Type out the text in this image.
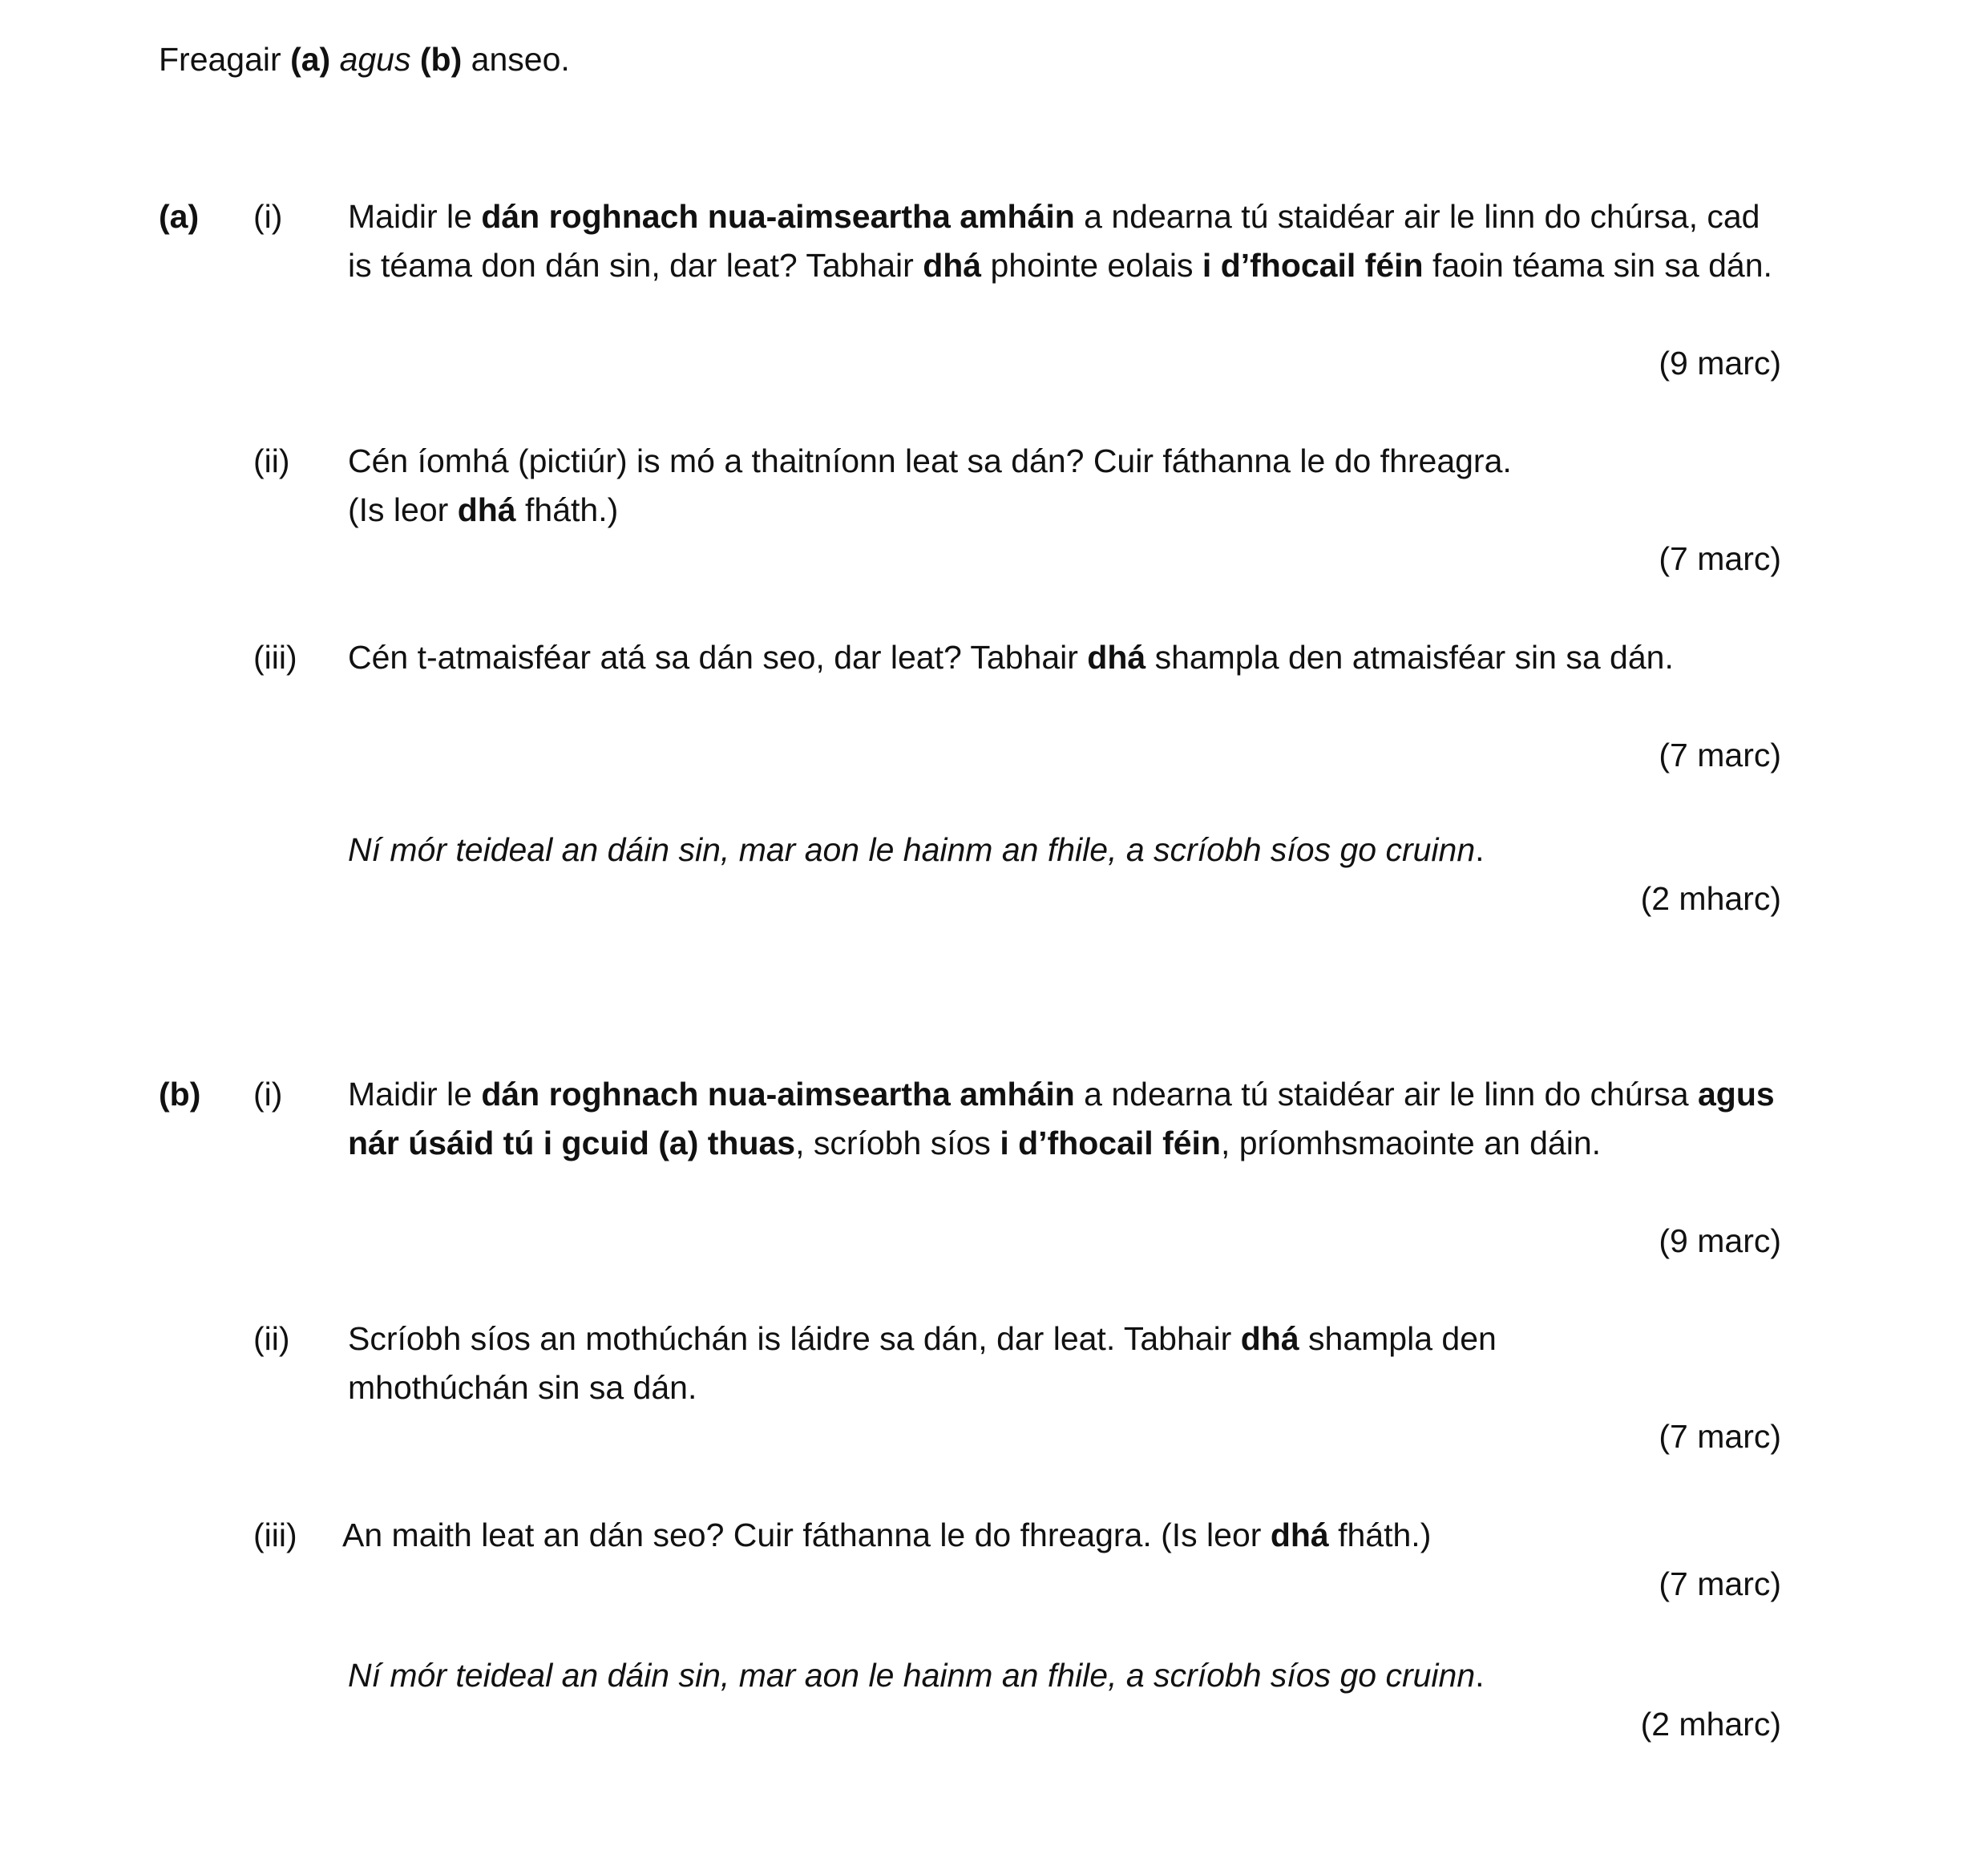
Freagair (a) agus (b) anseo.
(a) (i) Maidir le dán roghnach nua-aimseartha amháin a ndearna tú staidéar air le linn do chúrsa, cad is téama don dán sin, dar leat? Tabhair dhá phointe eolais i d’fhocail féin faoin téama sin sa dán.
(9 marc)
(ii) Cén íomhá (pictiúr) is mó a thaitníonn leat sa dán? Cuir fáthanna le do fhreagra.
(Is leor dhá fháth.)
(7 marc)
(iii) Cén t-atmaisféar atá sa dán seo, dar leat? Tabhair dhá shampla den atmaisféar sin sa dán.
(7 marc)
Ní mór teideal an dáin sin, mar aon le hainm an fhile, a scríobh síos go cruinn.
(2 mharc)
(b) (i) Maidir le dán roghnach nua-aimseartha amháin a ndearna tú staidéar air le linn do chúrsa agus nár úsáid tú i gcuid (a) thuas, scríobh síos i d’fhocail féin, príomhsmaointe an dáin.
(9 marc)
(ii) Scríobh síos an mothúchán is láidre sa dán, dar leat. Tabhair dhá shampla den mhothúchán sin sa dán.
(7 marc)
(iii) An maith leat an dán seo? Cuir fáthanna le do fhreagra. (Is leor dhá fháth.)
(7 marc)
Ní mór teideal an dáin sin, mar aon le hainm an fhile, a scríobh síos go cruinn.
(2 mharc)
